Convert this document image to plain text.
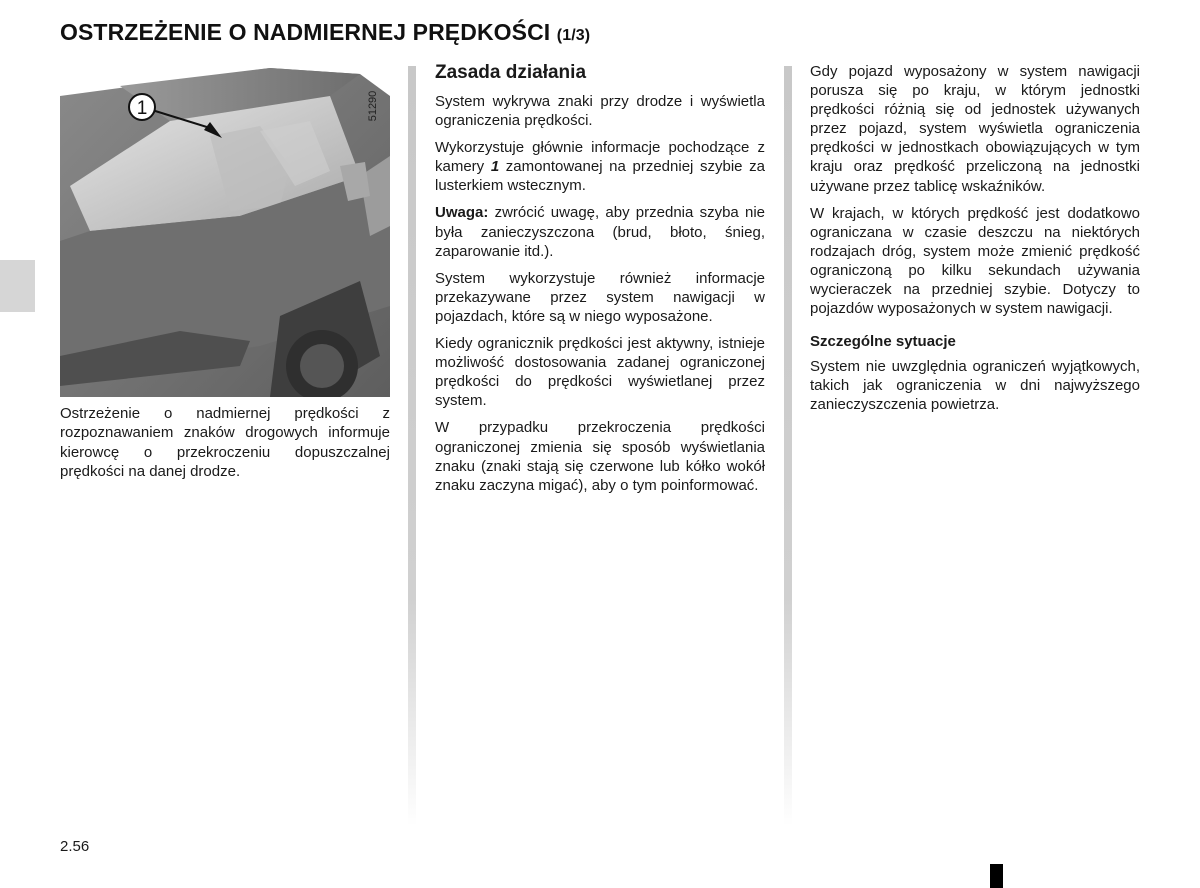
OSTRZEŻENIE O NADMIERNEJ PRĘDKOŚCI (1/3)
51290
1
Ostrzeżenie o nadmiernej prędkości z rozpoznawaniem znaków drogowych informuje kierowcę o przekroczeniu dopuszczalnej prędkości na danej drodze.
Zasada działania

System wykrywa znaki przy drodze i wyświetla ograniczenia prędkości.

Wykorzystuje głównie informacje pochodzące z kamery 1 zamontowanej na przedniej szybie za lusterkiem wstecznym.

Uwaga: zwrócić uwagę, aby przednia szyba nie była zanieczyszczona (brud, błoto, śnieg, zaparowanie itd.).

System wykorzystuje również informacje przekazywane przez system nawigacji w pojazdach, które są w niego wyposażone.

Kiedy ogranicznik prędkości jest aktywny, istnieje możliwość dostosowania zadanej ograniczonej prędkości do prędkości wyświetlanej przez system.

W przypadku przekroczenia prędkości ograniczonej zmienia się sposób wyświetlania znaku (znaki stają się czerwone lub kółko wokół znaku zaczyna migać), aby o tym poinformować.

Gdy pojazd wyposażony w system nawigacji porusza się po kraju, w którym jednostki prędkości różnią się od jednostek używanych przez pojazd, system wyświetla ograniczenia prędkości w jednostkach obowiązujących w tym kraju oraz prędkość przeliczoną na jednostki używane przez tablicę wskaźników.

W krajach, w których prędkość jest dodatkowo ograniczana w czasie deszczu na niektórych rodzajach dróg, system może zmienić prędkość ograniczoną po kilku sekundach używania wycieraczek na przedniej szybie. Dotyczy to pojazdów wyposażonych w system nawigacji.

Szczególne sytuacje

System nie uwzględnia ograniczeń wyjątkowych, takich jak ograniczenia w dni najwyższego zanieczyszczenia powietrza.

2.56
